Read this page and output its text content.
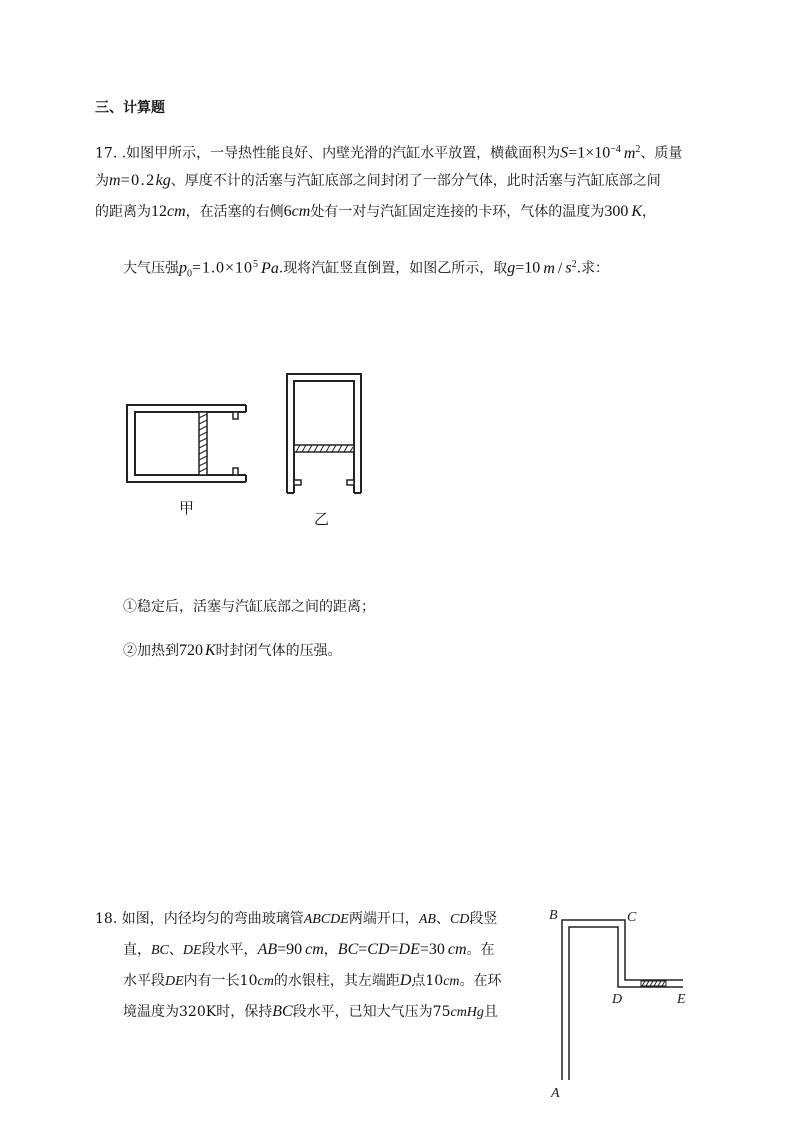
三、计算题
17. .如图甲所示，一导热性能良好、内壁光滑的汽缸水平放置，横截面积为$S=1\times 10^{-4}$ $m^2$、质量
为m=0.2kg、厚度不计的活塞与汽缸底部之间封闭了一部分气体，此时活塞与汽缸底部之间
的距离为12cm，在活塞的右侧6cm处有一对与汽缸固定连接的卡环，气体的温度为300 K，
大气压强$p_0=1.0\times 10^5$ Pa.现将汽缸竖直倒置，如图乙所示，取g=10 m / $s^2$.求：
甲
乙
①稳定后，活塞与汽缸底部之间的距离；
②加热到720 K时封闭气体的压强。
18. 如图，内径均匀的弯曲玻璃管ABCDE两端开口，AB、CD段竖
直，BC、DE段水平，AB=90 cm，BC=CD=DE=30 cm。在
水平段DE内有一长10cm的水银柱，其左端距D点10cm。在环
境温度为320K时，保持BC段水平，已知大气压为75cmHg且
B	C
D	E
A
